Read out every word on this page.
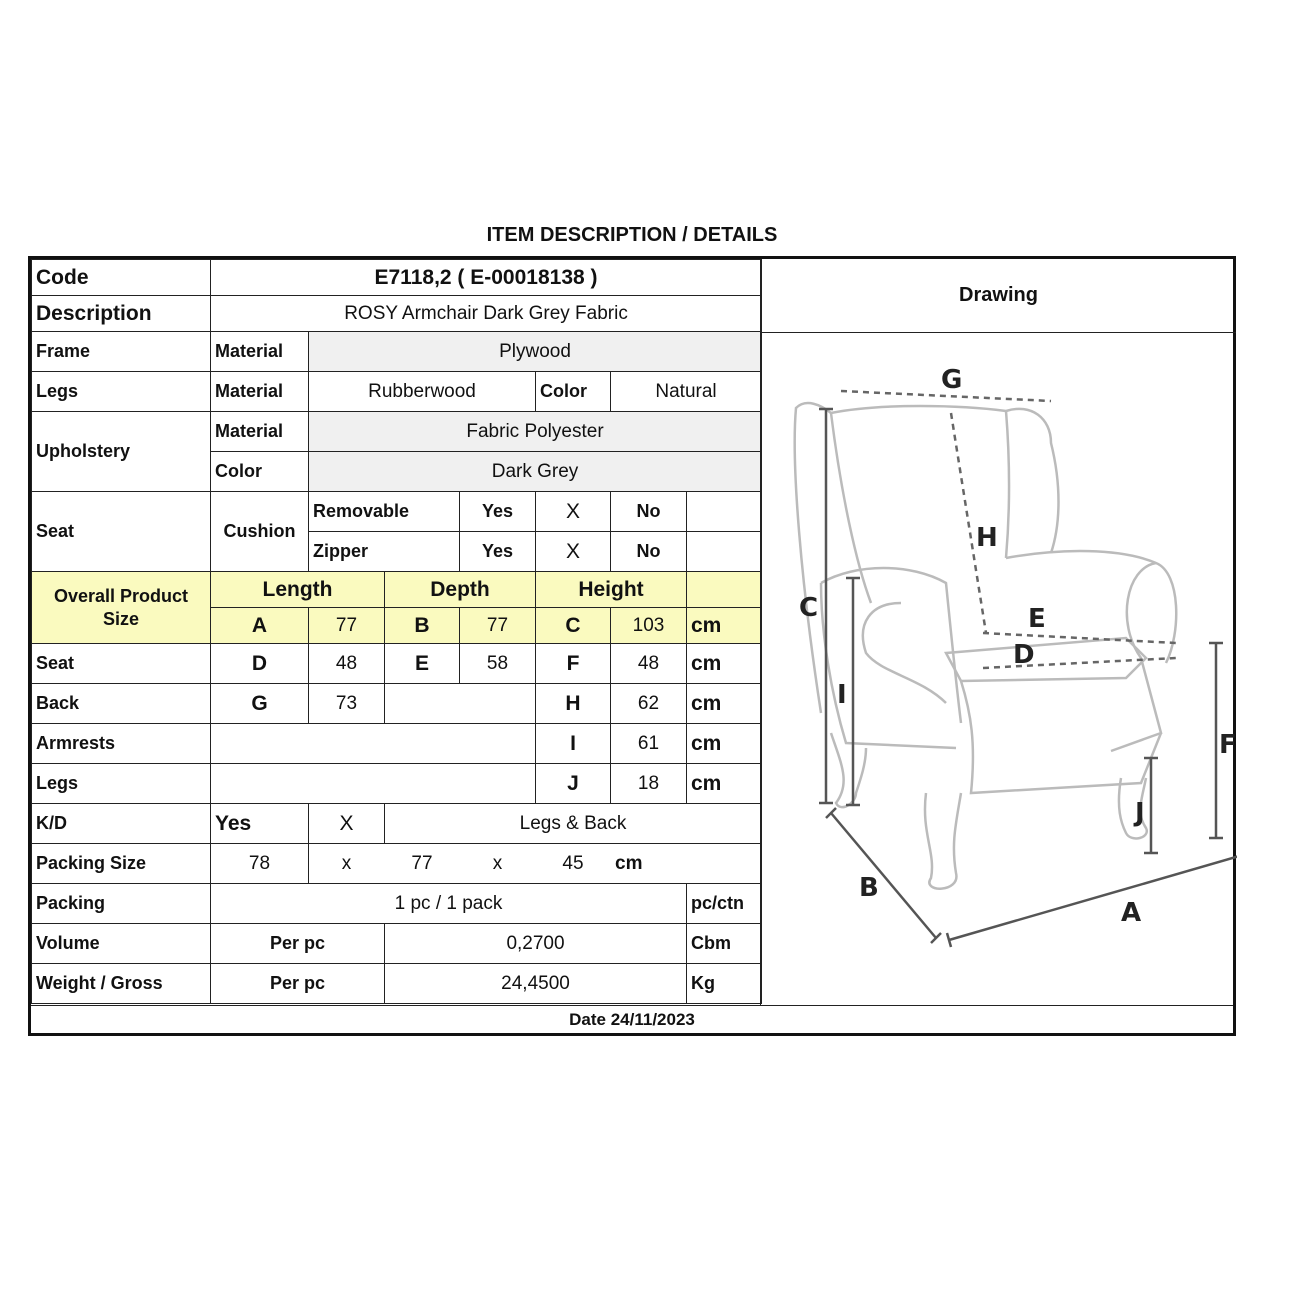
ITEM DESCRIPTION / DETAILS
Code	E7118,2 ( E-00018138 )						
Description	ROSY Armchair Dark Grey Fabric						
Frame	Material	Plywood					
Legs	Material	Rubberwood			Color	Natural	
Upholstery	Material	Fabric Polyester					
	Color	Dark Grey					
Seat	Cushion	Removable		Yes	X	No	
		Zipper		Yes	X	No	
Overall Product Size	Length		Depth		Height		
	A	77	B	77	C	103	cm
Seat	D	48	E	58	F	48	cm
Back	G	73			H	62	cm
Armrests					I	61	cm
Legs					J	18	cm
K/D	Yes	X	Legs & Back				
Packing Size	78	x	77	x	45	cm	
Packing	1 pc / 1 pack						pc/ctn
Volume	Per pc		0,2700				Cbm
Weight / Gross	Per pc		24,4500				Kg
Drawing
G
H
C	E
D
I
F
J
B
A
Date 24/11/2023
